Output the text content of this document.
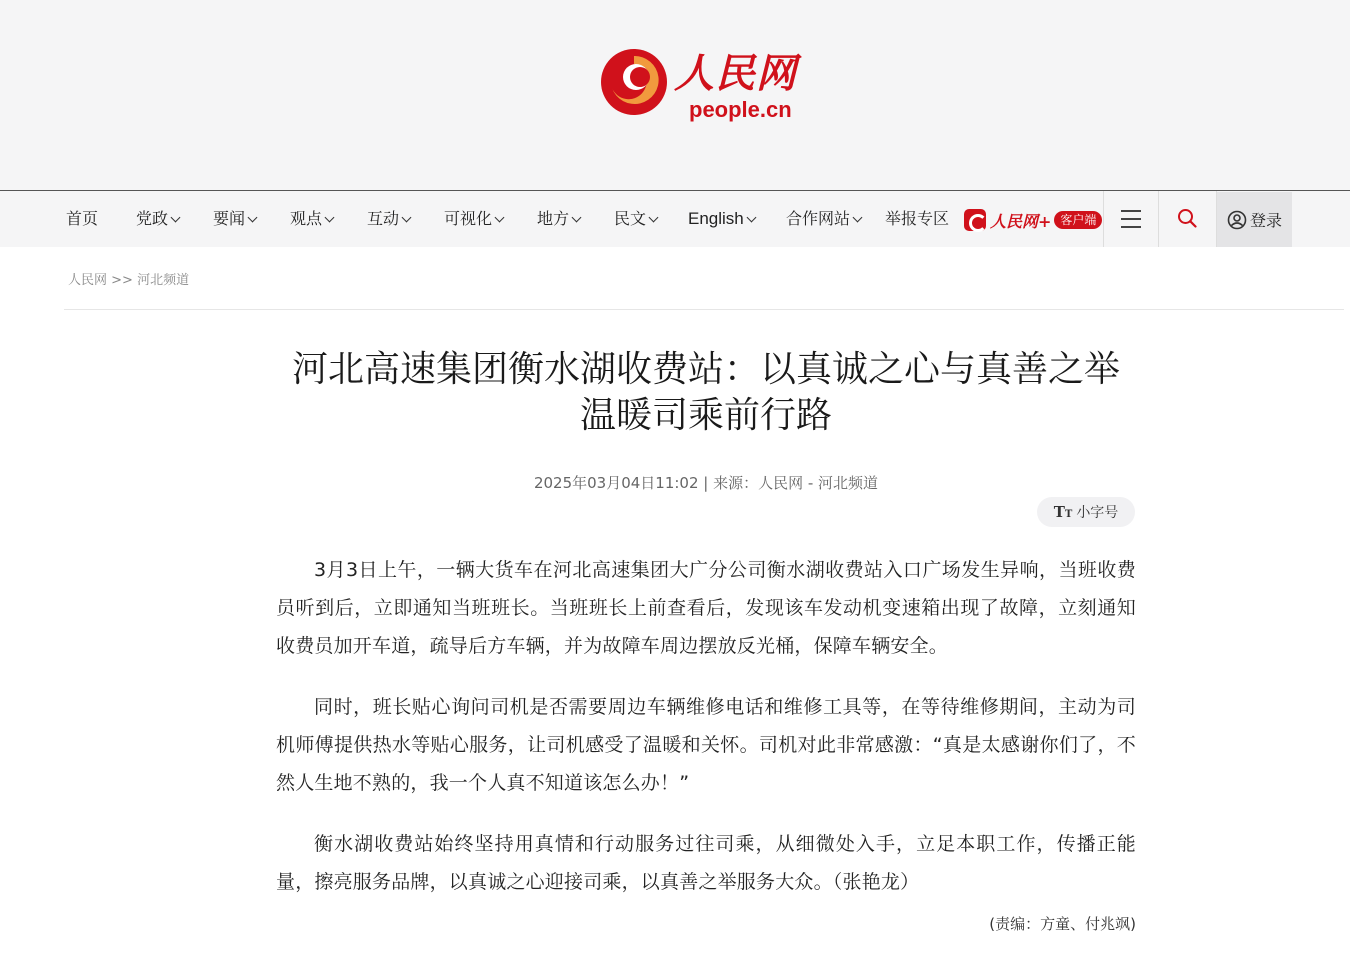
人民网
people.cn
首页 党政	要闻	观点	互动	可视化	地方	民文	English	合作网站	举报专区	人民网+ 客户端	登录
人民网 >> 河北频道
河北高速集团衡水湖收费站：以真诚之心与真善之举 温暖司乘前行路
2025年03月04日11:02 | 来源：人民网 - 河北频道
TT 小字号

3月3日上午，一辆大货车在河北高速集团大广分公司衡水湖收费站入口广场发生异响，当班收费员听到后，立即通知当班班长。当班班长上前查看后，发现该车发动机变速箱出现了故障，立刻通知收费员加开车道，疏导后方车辆，并为故障车周边摆放反光桶，保障车辆安全。

同时，班长贴心询问司机是否需要周边车辆维修电话和维修工具等，在等待维修期间，主动为司机师傅提供热水等贴心服务，让司机感受了温暖和关怀。司机对此非常感激：“真是太感谢你们了，不然人生地不熟的，我一个人真不知道该怎么办！”

衡水湖收费站始终坚持用真情和行动服务过往司乘，从细微处入手，立足本职工作，传播正能量，擦亮服务品牌，以真诚之心迎接司乘，以真善之举服务大众。（张艳龙）

(责编：方童、付兆飒)
